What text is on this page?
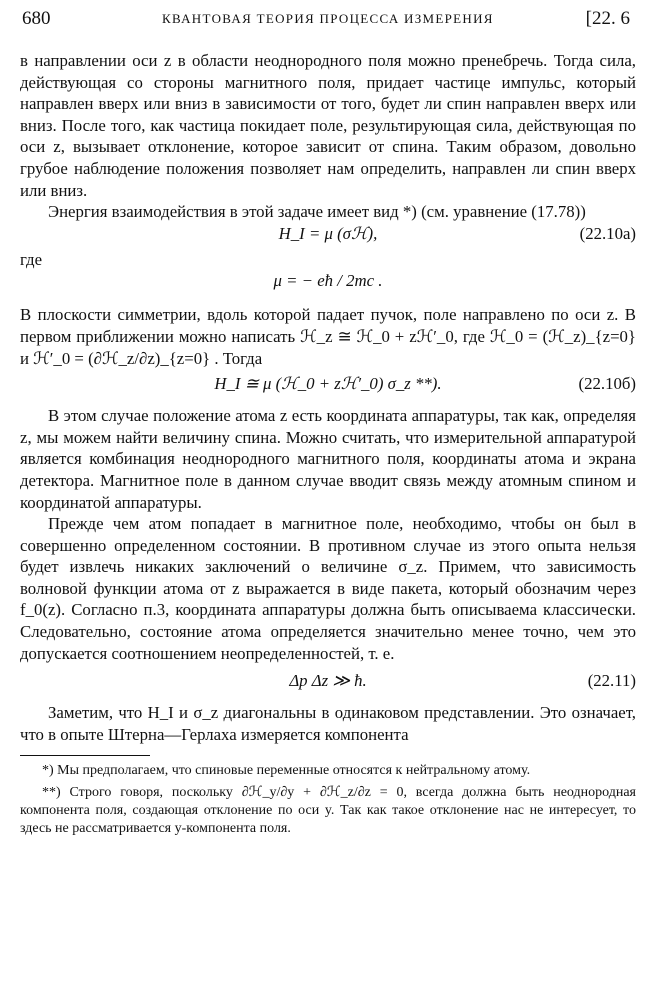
680	КВАНТОВАЯ ТЕОРИЯ ПРОЦЕССА ИЗМЕРЕНИЯ	[22. 6

в направлении оси z в области неоднородного поля можно пренебречь. Тогда сила, действующая со стороны магнитного поля, придает частице импульс, который направлен вверх или вниз в зависимости от того, будет ли спин направлен вверх или вниз. После того, как частица покидает поле, результирующая сила, действующая по оси z, вызывает отклонение, которое зависит от спина. Таким образом, довольно грубое наблюдение положения позволяет нам определить, направлен ли спин вверх или вниз.

Энергия взаимодействия в этой задаче имеет вид *) (см. уравнение (17.78))

H_I = μ (σℋ),	(22.10а)

где

μ = − eħ / 2mc .

В плоскости симметрии, вдоль которой падает пучок, поле направлено по оси z. В первом приближении можно написать ℋ_z ≅ ℋ_0 + zℋ′_0, где ℋ_0 = (ℋ_z)_{z=0} и ℋ′_0 = (∂ℋ_z/∂z)_{z=0} . Тогда

H_I ≅ μ (ℋ_0 + zℋ′_0) σ_z **).	(22.10б)

В этом случае положение атома z есть координата аппаратуры, так как, определяя z, мы можем найти величину спина. Можно считать, что измерительной аппаратурой является комбинация неоднородного магнитного поля, координаты атома и экрана детектора. Магнитное поле в данном случае вводит связь между атомным спином и координатой аппаратуры.

Прежде чем атом попадает в магнитное поле, необходимо, чтобы он был в совершенно определенном состоянии. В противном случае из этого опыта нельзя будет извлечь никаких заключений о величине σ_z. Примем, что зависимость волновой функции атома от z выражается в виде пакета, который обозначим через f_0(z). Согласно п.3, координата аппаратуры должна быть описываема классически. Следовательно, состояние атома определяется значительно менее точно, чем это допускается соотношением неопределенностей, т. е.

Δp Δz ≫ ħ.	(22.11)

Заметим, что H_I и σ_z диагональны в одинаковом представлении. Это означает, что в опыте Штерна—Герлаха измеряется компонента

*) Мы предполагаем, что спиновые переменные относятся к нейтральному атому.

**) Строго говоря, поскольку ∂ℋ_y/∂y + ∂ℋ_z/∂z = 0, всегда должна быть неоднородная компонента поля, создающая отклонение по оси y. Так как такое отклонение нас не интересует, то здесь не рассматривается y-компонента поля.
